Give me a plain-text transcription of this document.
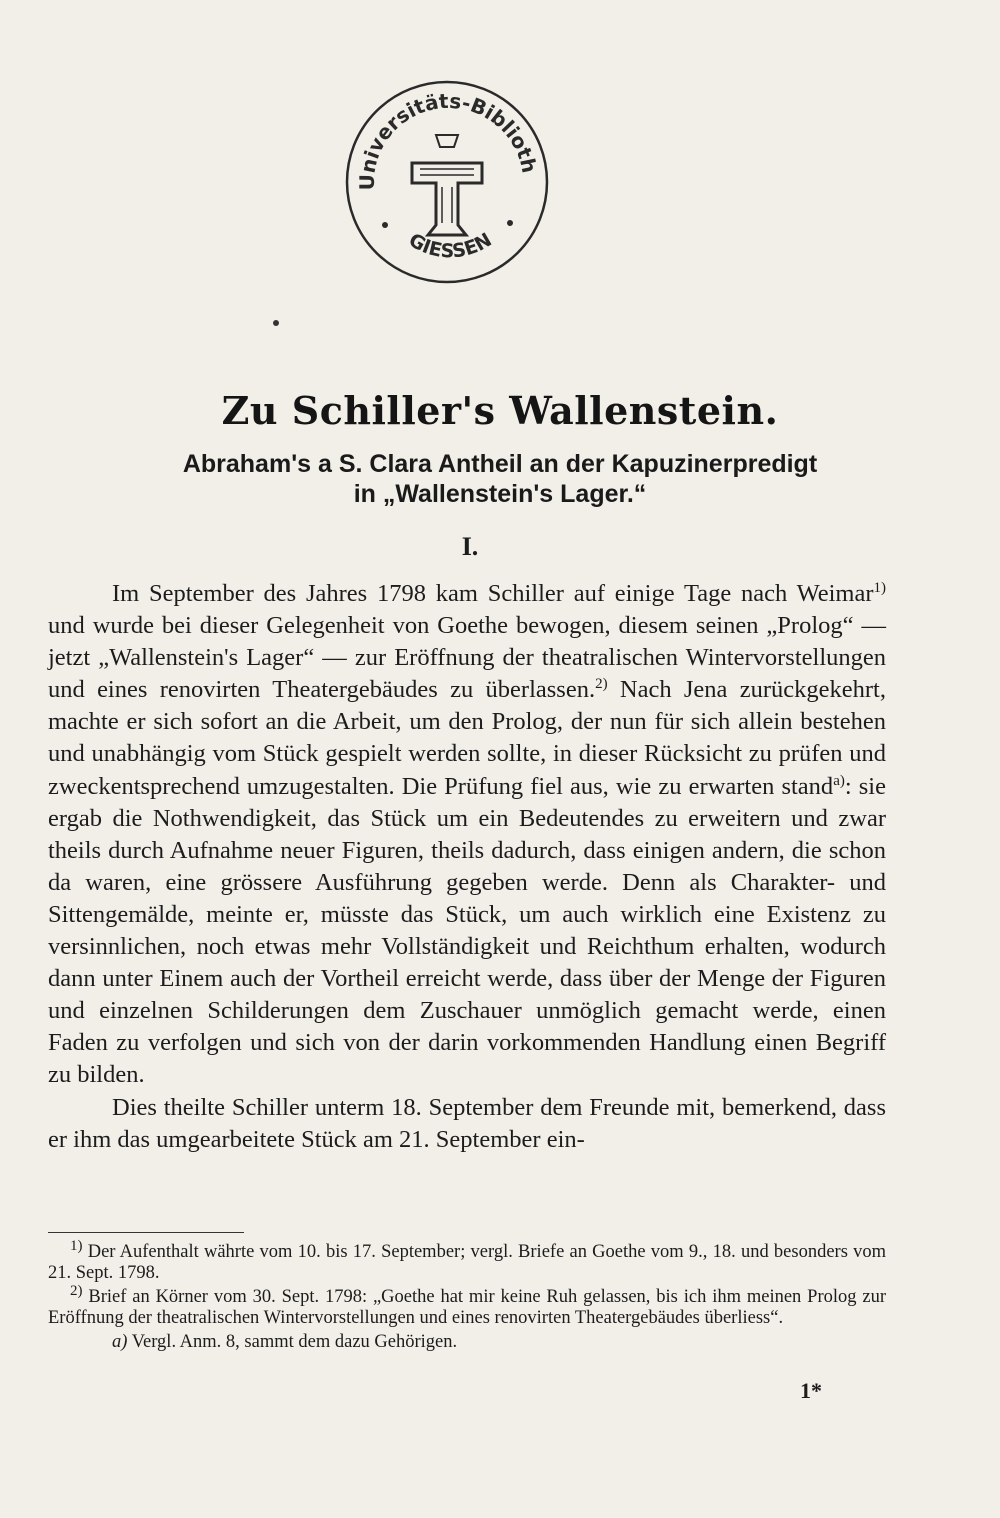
Universitäts-Biblioth
GIESSEN
Zu Schiller's Wallenstein.
Abraham's a S. Clara Antheil an der Kapuzinerpredigt
in „Wallenstein's Lager.“
I.

Im September des Jahres 1798 kam Schiller auf einige Tage nach Weimar$^{1)}$ und wurde bei dieser Gelegenheit von Goethe bewogen, diesem seinen „Prolog“ — jetzt „Wallenstein's Lager“ — zur Eröffnung der theatralischen Wintervorstellungen und eines renovirten Theatergebäudes zu überlassen.$^{2)}$ Nach Jena zurückgekehrt, machte er sich sofort an die Arbeit, um den Prolog, der nun für sich allein bestehen und unabhängig vom Stück gespielt werden sollte, in dieser Rücksicht zu prüfen und zweckentsprechend umzugestalten. Die Prüfung fiel aus, wie zu erwarten stand$^{a)}$: sie ergab die Nothwendigkeit, das Stück um ein Bedeutendes zu erweitern und zwar theils durch Aufnahme neuer Figuren, theils dadurch, dass einigen andern, die schon da waren, eine grössere Ausführung gegeben werde. Denn als Charakter- und Sittengemälde, meinte er, müsste das Stück, um auch wirklich eine Existenz zu versinnlichen, noch etwas mehr Vollständigkeit und Reichthum erhalten, wodurch dann unter Einem auch der Vortheil erreicht werde, dass über der Menge der Figuren und einzelnen Schilderungen dem Zuschauer unmöglich gemacht werde, einen Faden zu verfolgen und sich von der darin vorkommenden Handlung einen Begriff zu bilden.

Dies theilte Schiller unterm 18. September dem Freunde mit, bemerkend, dass er ihm das umgearbeitete Stück am 21. September ein-

$^{1)}$ Der Aufenthalt währte vom 10. bis 17. September; vergl. Briefe an Goethe vom 9., 18. und besonders vom 21. Sept. 1798.

$^{2)}$ Brief an Körner vom 30. Sept. 1798: „Goethe hat mir keine Ruh gelassen, bis ich ihm meinen Prolog zur Eröffnung der theatralischen Wintervorstellungen und eines renovirten Theatergebäudes überliess“.

a) Vergl. Anm. 8, sammt dem dazu Gehörigen.

1*
